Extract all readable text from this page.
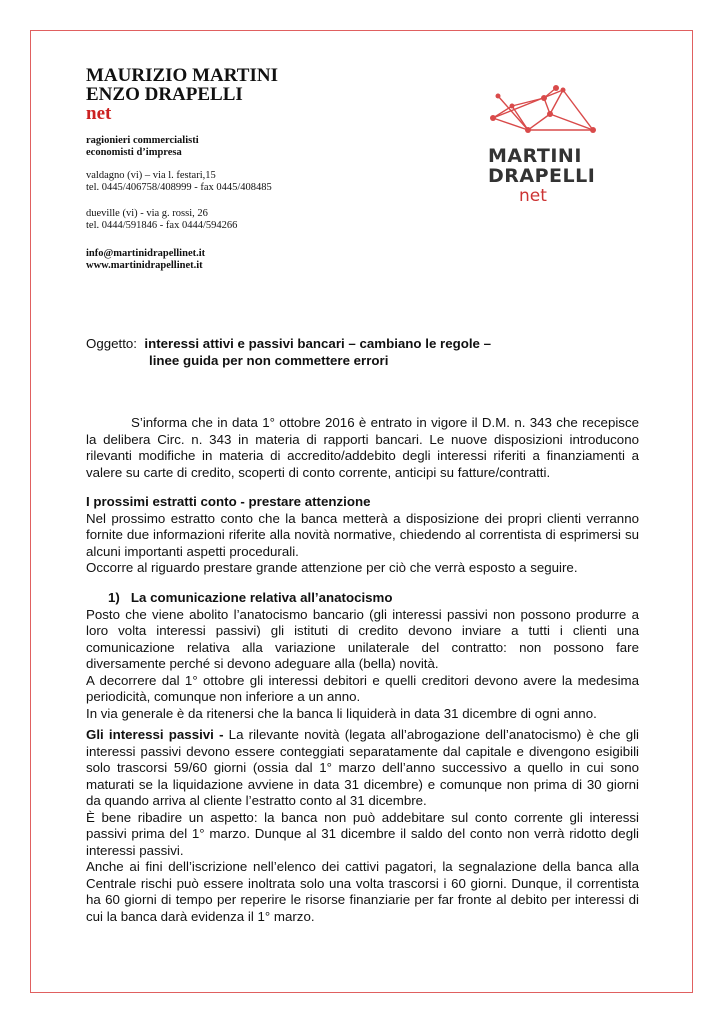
MAURIZIO MARTINI
ENZO DRAPELLI
net
ragionieri commercialisti
economisti d’impresa
valdagno (vi) – via l. festari,15
tel. 0445/406758/408999 - fax 0445/408485
dueville (vi) - via g. rossi, 26
tel. 0444/591846 - fax 0444/594266
info@martinidrapellinet.it
www.martinidrapellinet.it
MARTINI
DRAPELLI
net
Oggetto: interessi attivi e passivi bancari – cambiano le regole –
linee guida per non commettere errori

S’informa che in data 1° ottobre 2016 è entrato in vigore il D.M. n. 343 che recepisce la delibera Circ. n. 343 in materia di rapporti bancari. Le nuove disposizioni introducono rilevanti modifiche in materia di accredito/addebito degli interessi riferiti a finanziamenti a valere su carte di credito, scoperti di conto corrente, anticipi su fatture/contratti.

I prossimi estratti conto - prestare attenzione

Nel prossimo estratto conto che la banca metterà a disposizione dei propri clienti verranno fornite due informazioni riferite alla novità normative, chiedendo al correntista di esprimersi su alcuni importanti aspetti procedurali.

Occorre al riguardo prestare grande attenzione per ciò che verrà esposto a seguire.

1)   La comunicazione relativa all’anatocismo

Posto che viene abolito l’anatocismo bancario (gli interessi passivi non possono produrre a loro volta interessi passivi) gli istituti di credito devono inviare a tutti i clienti una comunicazione relativa alla variazione unilaterale del contratto: non possono fare diversamente perché si devono adeguare alla (bella) novità.

A decorrere dal 1° ottobre gli interessi debitori e quelli creditori devono avere la medesima periodicità, comunque non inferiore a un anno.

In via generale è da ritenersi che la banca li liquiderà in data 31 dicembre di ogni anno.

Gli interessi passivi - La rilevante novità (legata all’abrogazione dell’anatocismo) è che gli interessi passivi devono essere conteggiati separatamente dal capitale e divengono esigibili solo trascorsi 59/60 giorni (ossia dal 1° marzo dell’anno successivo a quello in cui sono maturati se la liquidazione avviene in data 31 dicembre) e comunque non prima di 30 giorni da quando arriva al cliente l’estratto conto al 31 dicembre.

È bene ribadire un aspetto: la banca non può addebitare sul conto corrente gli interessi passivi prima del 1° marzo. Dunque al 31 dicembre il saldo del conto non verrà ridotto degli interessi passivi.

Anche ai fini dell’iscrizione nell’elenco dei cattivi pagatori, la segnalazione della banca alla Centrale rischi può essere inoltrata solo una volta trascorsi i 60 giorni. Dunque, il correntista ha 60 giorni di tempo per reperire le risorse finanziarie per far fronte al debito per interessi di cui la banca darà evidenza il 1° marzo.
